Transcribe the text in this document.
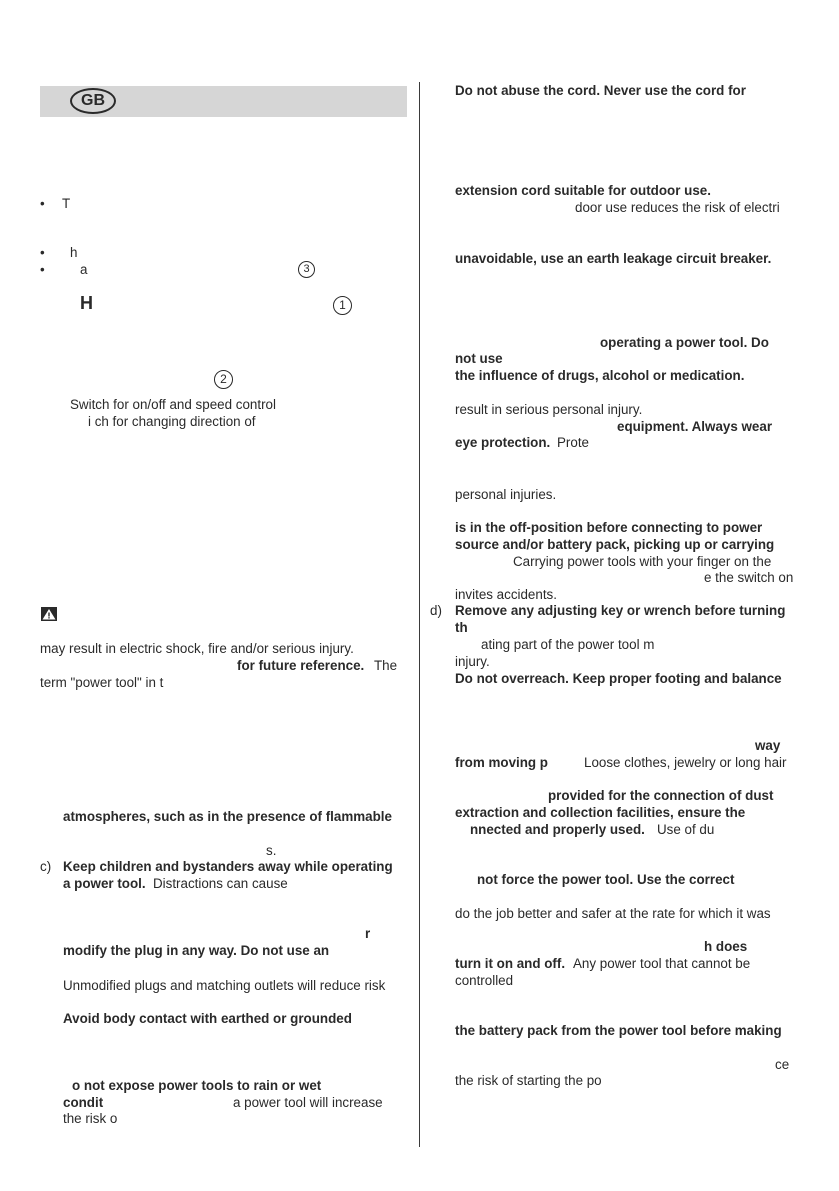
GB
• T
• h
•	a	3
H	1
2
Switch for on/off and speed control
i ch for changing direction of
may result in electric shock, fire and/or serious injury.
for future reference. The
term "power tool" in t
atmospheres, such as in the presence of flammable
s.
c) Keep children and bystanders away while operating
a power tool. Distractions can cause
r
modify the plug in any way. Do not use an
Unmodified plugs and matching outlets will reduce risk
Avoid body contact with earthed or grounded
o not expose power tools to rain or wet
condit	a power tool will increase
the risk o
Do not abuse the cord. Never use the cord for
extension cord suitable for outdoor use.
door use reduces the risk of electri
unavoidable, use an earth leakage circuit breaker.
operating a power tool. Do
not use
the influence of drugs, alcohol or medication.
result in serious personal injury.
equipment. Always wear
eye protection. Prote
personal injuries.
is in the off-position before connecting to power
source and/or battery pack, picking up or carrying
Carrying power tools with your finger on the
e the switch on
invites accidents.
d) Remove any adjusting key or wrench before turning
th
ating part of the power tool m
injury.
Do not overreach. Keep proper footing and balance
way
from moving p	Loose clothes, jewelry or long hair
provided for the connection of dust
extraction and collection facilities, ensure the
nnected and properly used. Use of du
not force the power tool. Use the correct
do the job better and safer at the rate for which it was
h does
turn it on and off. Any power tool that cannot be
controlled
the battery pack from the power tool before making
ce
the risk of starting the po
